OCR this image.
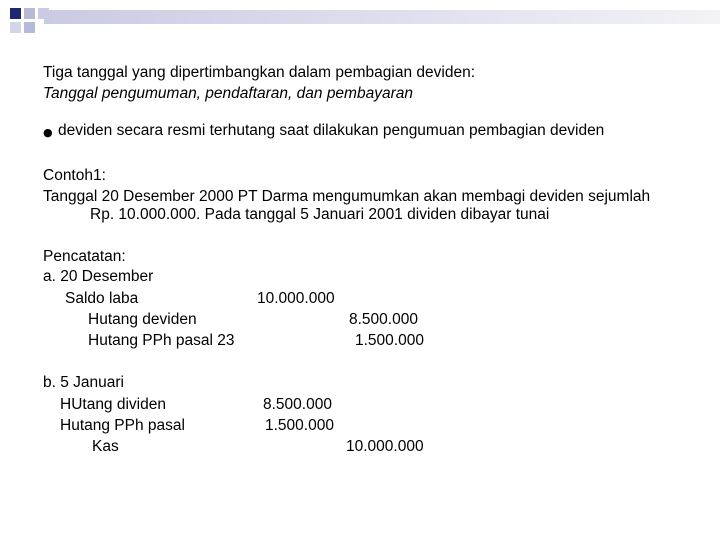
Tiga tanggal yang dipertimbangkan dalam pembagian deviden:
Tanggal pengumuman, pendaftaran, dan pembayaran
● deviden secara resmi terhutang saat dilakukan pengumuan pembagian deviden
Contoh1:
Tanggal 20 Desember 2000 PT Darma mengumumkan akan membagi deviden sejumlah
Rp. 10.000.000. Pada tanggal 5 Januari 2001 dividen dibayar tunai
Pencatatan:
a. 20 Desember
Saldo laba	10.000.000
Hutang deviden	8.500.000
Hutang PPh pasal 23	1.500.000
b. 5 Januari
HUtang dividen	8.500.000
Hutang PPh pasal	1.500.000
Kas	10.000.000
